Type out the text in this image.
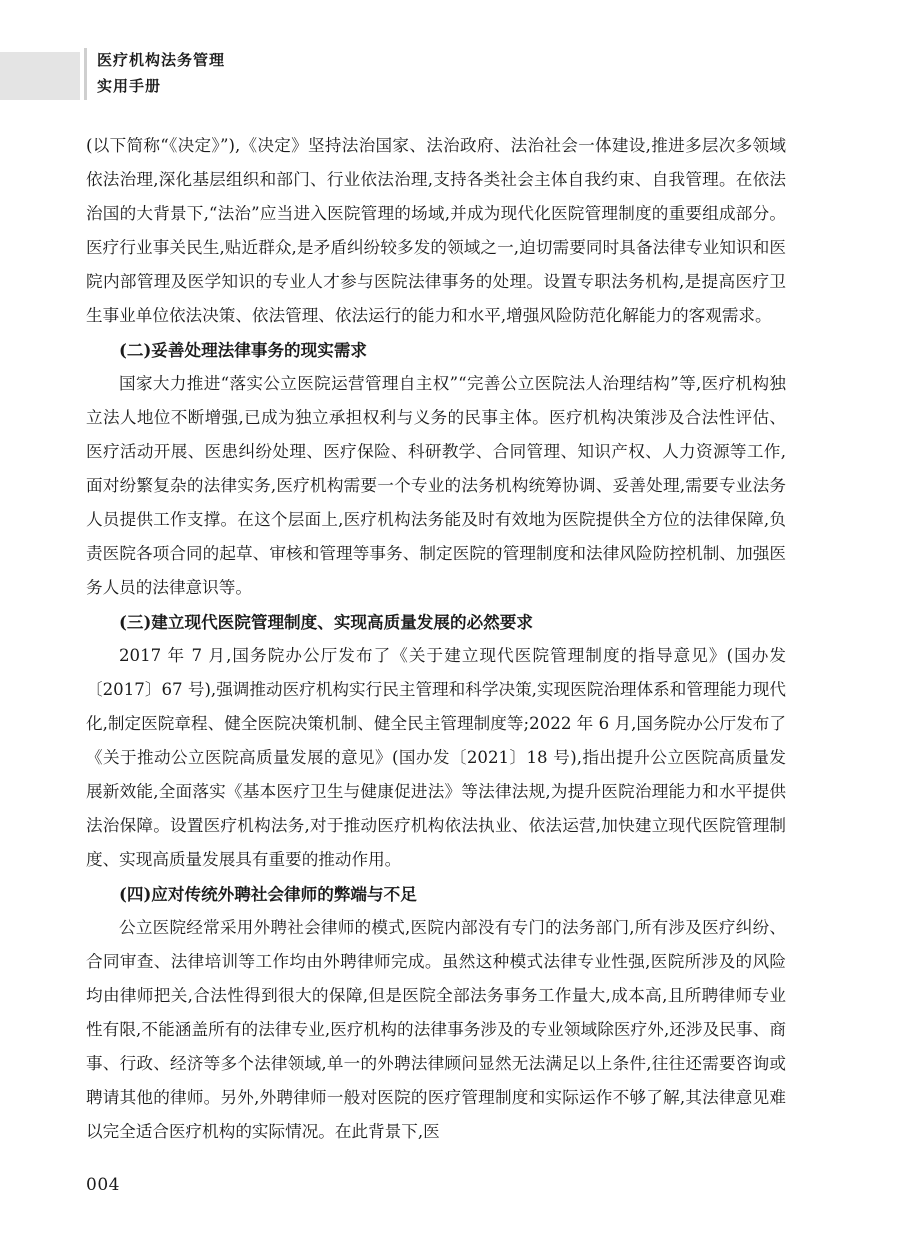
医疗机构法务管理
实用手册

(以下简称“《决定》”),《决定》坚持法治国家、法治政府、法治社会一体建设,推进多层次多领域依法治理,深化基层组织和部门、行业依法治理,支持各类社会主体自我约束、自我管理。在依法治国的大背景下,“法治”应当进入医院管理的场域,并成为现代化医院管理制度的重要组成部分。医疗行业事关民生,贴近群众,是矛盾纠纷较多发的领域之一,迫切需要同时具备法律专业知识和医院内部管理及医学知识的专业人才参与医院法律事务的处理。设置专职法务机构,是提高医疗卫生事业单位依法决策、依法管理、依法运行的能力和水平,增强风险防范化解能力的客观需求。

(二)妥善处理法律事务的现实需求

国家大力推进“落实公立医院运营管理自主权”“完善公立医院法人治理结构”等,医疗机构独立法人地位不断增强,已成为独立承担权利与义务的民事主体。医疗机构决策涉及合法性评估、医疗活动开展、医患纠纷处理、医疗保险、科研教学、合同管理、知识产权、人力资源等工作,面对纷繁复杂的法律实务,医疗机构需要一个专业的法务机构统筹协调、妥善处理,需要专业法务人员提供工作支撑。在这个层面上,医疗机构法务能及时有效地为医院提供全方位的法律保障,负责医院各项合同的起草、审核和管理等事务、制定医院的管理制度和法律风险防控机制、加强医务人员的法律意识等。

(三)建立现代医院管理制度、实现高质量发展的必然要求

2017 年 7 月,国务院办公厅发布了《关于建立现代医院管理制度的指导意见》(国办发〔2017〕67 号),强调推动医疗机构实行民主管理和科学决策,实现医院治理体系和管理能力现代化,制定医院章程、健全医院决策机制、健全民主管理制度等;2022 年 6 月,国务院办公厅发布了《关于推动公立医院高质量发展的意见》(国办发〔2021〕18 号),指出提升公立医院高质量发展新效能,全面落实《基本医疗卫生与健康促进法》等法律法规,为提升医院治理能力和水平提供法治保障。设置医疗机构法务,对于推动医疗机构依法执业、依法运营,加快建立现代医院管理制度、实现高质量发展具有重要的推动作用。

(四)应对传统外聘社会律师的弊端与不足

公立医院经常采用外聘社会律师的模式,医院内部没有专门的法务部门,所有涉及医疗纠纷、合同审查、法律培训等工作均由外聘律师完成。虽然这种模式法律专业性强,医院所涉及的风险均由律师把关,合法性得到很大的保障,但是医院全部法务事务工作量大,成本高,且所聘律师专业性有限,不能涵盖所有的法律专业,医疗机构的法律事务涉及的专业领域除医疗外,还涉及民事、商事、行政、经济等多个法律领域,单一的外聘法律顾问显然无法满足以上条件,往往还需要咨询或聘请其他的律师。另外,外聘律师一般对医院的医疗管理制度和实际运作不够了解,其法律意见难以完全适合医疗机构的实际情况。在此背景下,医

004
